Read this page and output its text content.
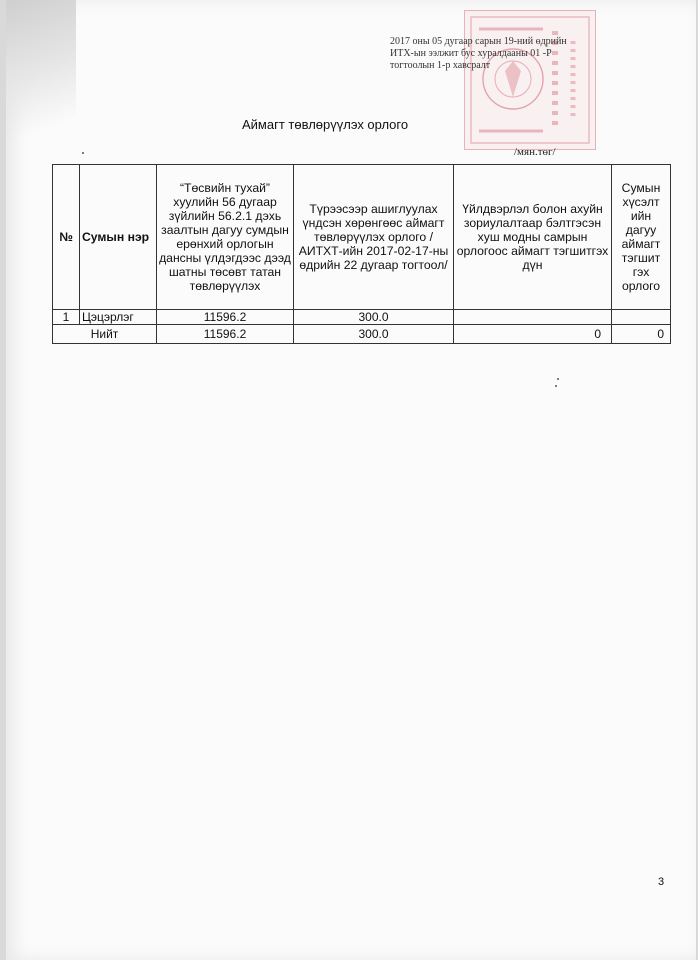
2017 оны 05 дугаар сарын 19-ний өдрийн
ИТХ-ын ээлжит бус хуралдааны 01 -Р
тогтоолын 1-р хавсралт
Аймагт төвлөрүүлэх орлого
/мян.төг/
№	Сумын нэр	“Төсвийн тухай” хуулийн 56 дугаар зүйлийн 56.2.1 дэхь заалтын дагуу сумдын ерөнхий орлогын дансны үлдэгдээс дээд шатны төсөвт татан төвлөрүүлэх	Түрээсээр ашиглуулах үндсэн хөрөнгөөс аймагт төвлөрүүлэх орлого /АИТХТ-ийн 2017-02-17-ны өдрийн 22 дугаар тогтоол/	Үйлдвэрлэл болон ахуйн зориулалтаар бэлтгэсэн хуш модны самрын орлогоос аймагт тэгшитгэх дүн	Сумын хүсэлт ийн дагуу аймагт тэгшит гэх орлого
1	Цэцэрлэг	11596.2	300.0		
Нийт		11596.2	300.0	0	0
3
